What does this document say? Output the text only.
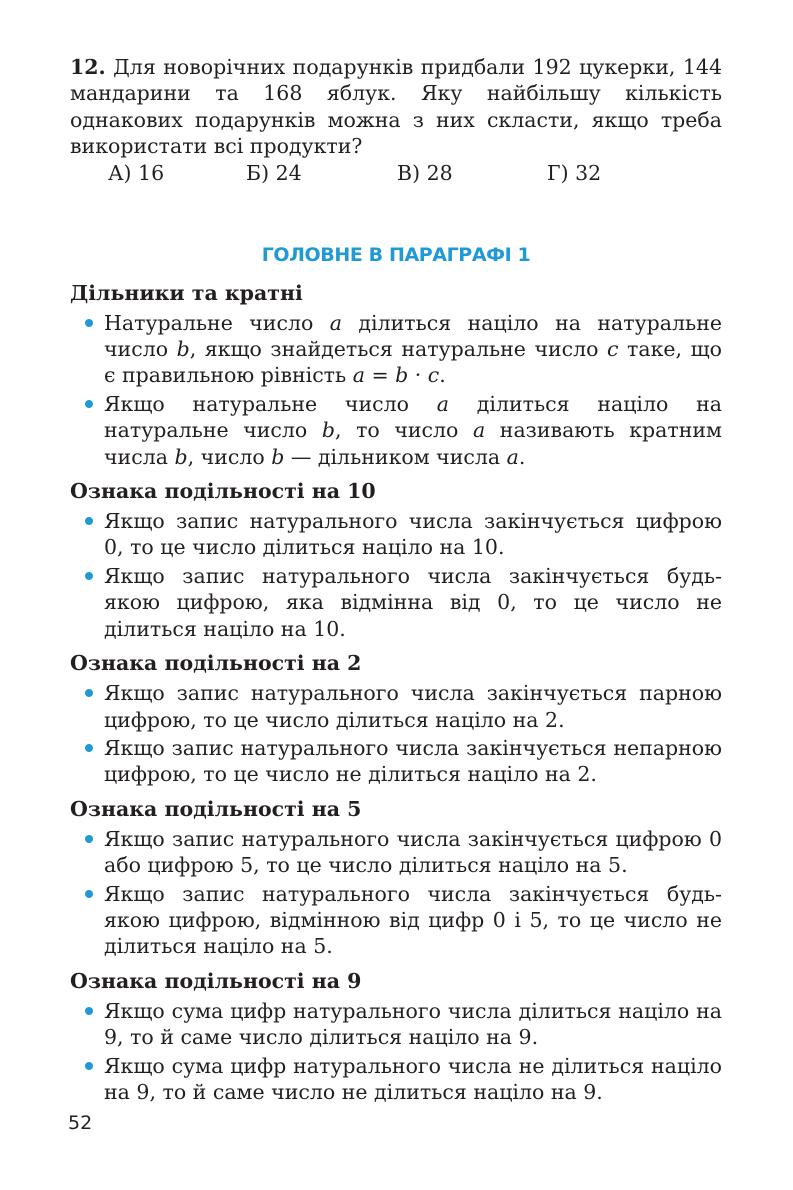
12. Для новорічних подарунків придбали 192 цукерки, 144 мандарини та 168 яблук. Яку найбільшу кількість однакових подарунків можна з них скласти, якщо треба використати всі продукти?

А) 16	Б) 24	В) 28	Г) 32
ГОЛОВНЕ В ПАРАГРАФІ 1
Дільники та кратні
Натуральне число a ділиться націло на натуральне число b, якщо знайдеться натуральне число c таке, що є правильною рівність a = b · c.
Якщо натуральне число a ділиться націло на натуральне число b, то число a називають кратним числа b, число b — дільником числа a.
Ознака подільності на 10
Якщо запис натурального числа закінчується цифрою 0, то це число ділиться націло на 10.
Якщо запис натурального числа закінчується будь-якою цифрою, яка відмінна від 0, то це число не ділиться націло на 10.
Ознака подільності на 2
Якщо запис натурального числа закінчується парною цифрою, то це число ділиться націло на 2.
Якщо запис натурального числа закінчується непарною цифрою, то це число не ділиться націло на 2.
Ознака подільності на 5
Якщо запис натурального числа закінчується цифрою 0 або цифрою 5, то це число ділиться націло на 5.
Якщо запис натурального числа закінчується будь-якою цифрою, відмінною від цифр 0 і 5, то це число не ділиться націло на 5.
Ознака подільності на 9
Якщо сума цифр натурального числа ділиться націло на 9, то й саме число ділиться націло на 9.
Якщо сума цифр натурального числа не ділиться націло на 9, то й саме число не ділиться націло на 9.
52
